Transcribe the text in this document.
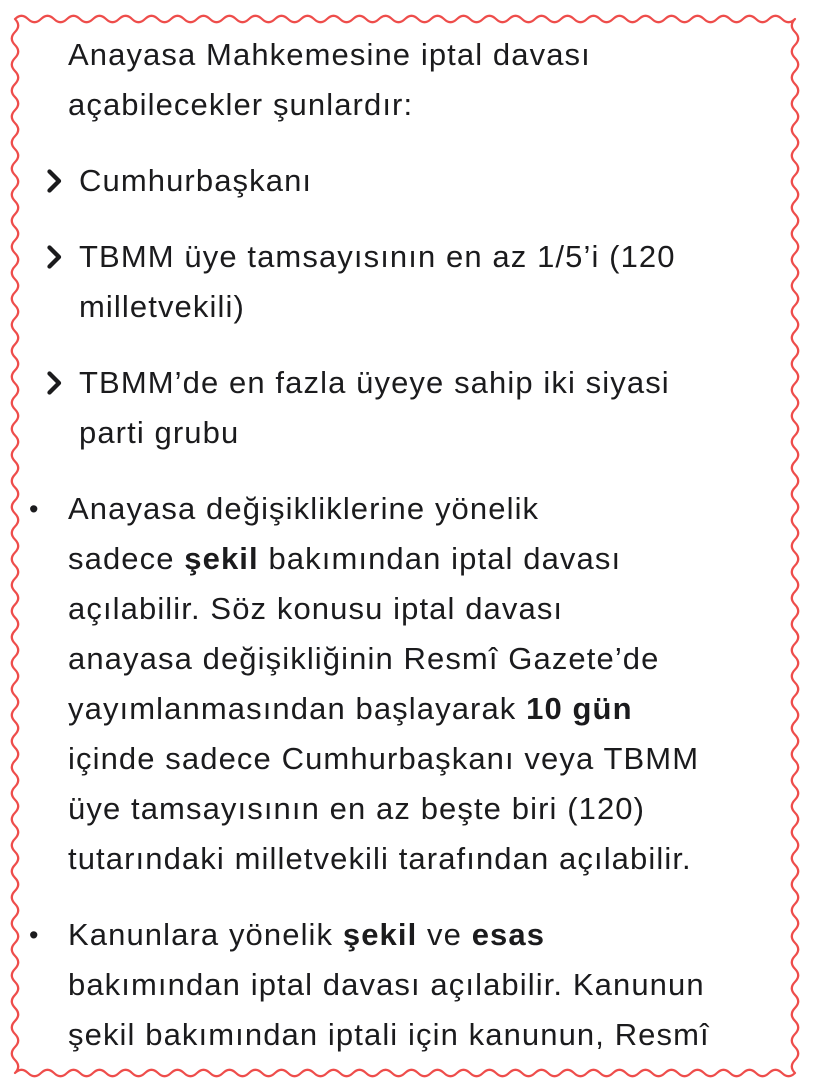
Anayasa Mahkemesine iptal davası
açabilecekler şunlardır:
Cumhurbaşkanı
TBMM üye tamsayısının en az 1/5’i (120
milletvekili)
TBMM’de en fazla üyeye sahip iki siyasi
parti grubu
• Anayasa değişikliklerine yönelik
sadece şekil bakımından iptal davası
açılabilir. Söz konusu iptal davası
anayasa değişikliğinin Resmî Gazete’de
yayımlanmasından başlayarak 10 gün
içinde sadece Cumhurbaşkanı veya TBMM
üye tamsayısının en az beşte biri (120)
tutarındaki milletvekili tarafından açılabilir.
• Kanunlara yönelik şekil ve esas
bakımından iptal davası açılabilir. Kanunun
şekil bakımından iptali için kanunun, Resmî
